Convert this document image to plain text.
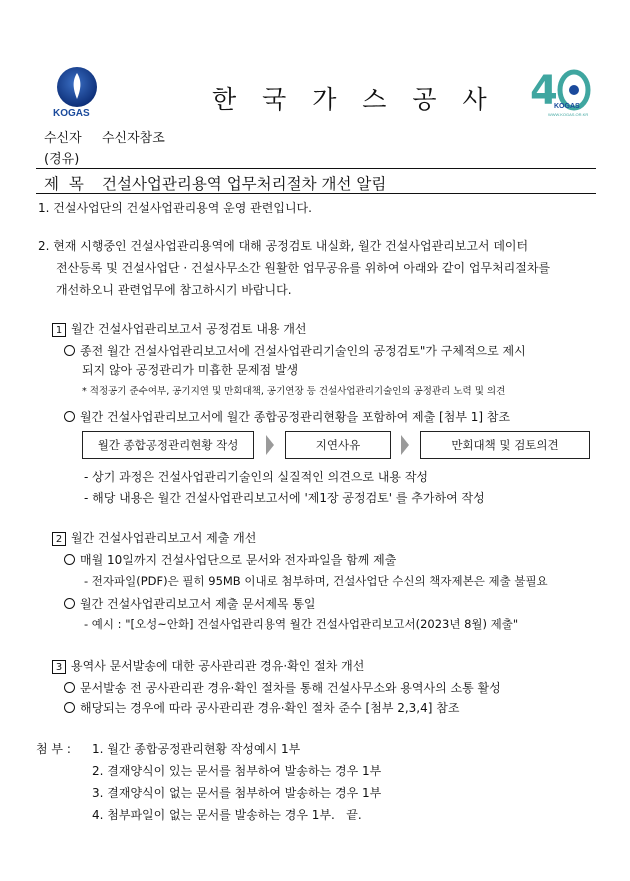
KOGAS	한 국 가 스 공 사 4
KOGAS
WWW.KOGAS.OR.KR
수신자 수신자참조
(경유)
제  목 건설사업관리용역 업무처리절차 개선 알림
1. 건설사업단의 건설사업관리용역 운영 관련입니다.
2. 현재 시행중인 건설사업관리용역에 대해 공정검토 내실화, 월간 건설사업관리보고서 데이터
전산등록 및 건설사업단 · 건설사무소간 원활한 업무공유를 위하여 아래와 같이 업무처리절차를
개선하오니 관련업무에 참고하시기 바랍니다.
1 월간 건설사업관리보고서 공정검토 내용 개선
종전 월간 건설사업관리보고서에 건설사업관리기술인의 공정검토"가 구체적으로 제시
되지 않아 공정관리가 미흡한 문제점 발생
* 적정공기 준수여부, 공기지연 및 만회대책, 공기연장 등 건설사업관리기술인의 공정관리 노력 및 의견
월간 건설사업관리보고서에 월간 종합공정관리현황을 포함하여 제출 [첨부 1] 참조
월간 종합공정관리현황 작성	지연사유	만회대책 및 검토의견
- 상기 과정은 건설사업관리기술인의 실질적인 의견으로 내용 작성
- 해당 내용은 월간 건설사업관리보고서에 '제1장 공정검토' 를 추가하여 작성
2 월간 건설사업관리보고서 제출 개선
매월 10일까지 건설사업단으로 문서와 전자파일을 함께 제출
- 전자파일(PDF)은 필히 95MB 이내로 첨부하며, 건설사업단 수신의 책자제본은 제출 불필요
월간 건설사업관리보고서 제출 문서제목 통일
- 예시 : "[오성~안화] 건설사업관리용역 월간 건설사업관리보고서(2023년 8월) 제출"
3 용역사 문서발송에 대한 공사관리관 경유·확인 절차 개선
문서발송 전 공사관리관 경유·확인 절차를 통해 건설사무소와 용역사의 소통 활성
해당되는 경우에 따라 공사관리관 경유·확인 절차 준수 [첨부 2,3,4] 참조
첨 부 : 1. 월간 종합공정관리현황 작성예시 1부
2. 결재양식이 있는 문서를 첨부하여 발송하는 경우 1부
3. 결재양식이 없는 문서를 첨부하여 발송하는 경우 1부
4. 첨부파일이 없는 문서를 발송하는 경우 1부.   끝.
